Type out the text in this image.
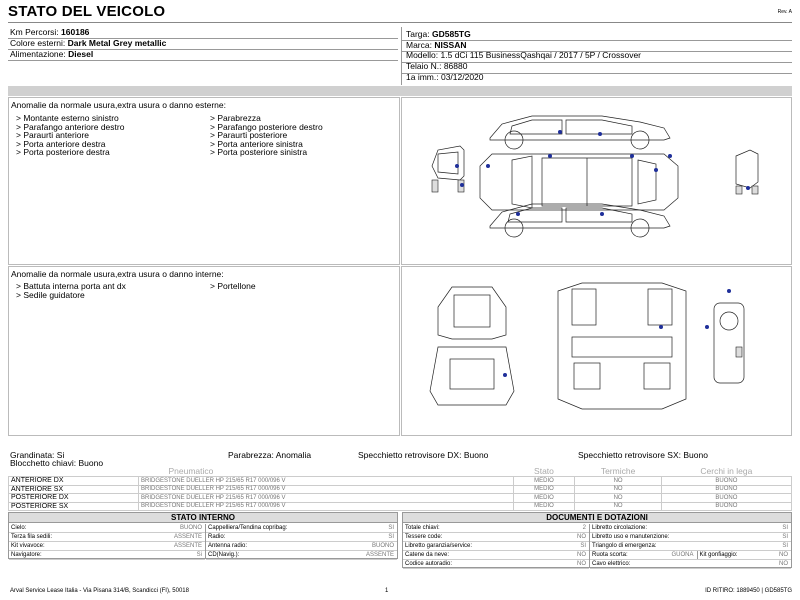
STATO DEL VEICOLO	Rev. A
Km Percorsi: 160186
Colore esterni: Dark Metal Grey metallic
Alimentazione: Diesel
Targa: GD585TG
Marca: NISSAN
Modello: 1.5 dCi 115 BusinessQashqai / 2017 / 5P / Crossover
Telaio N.: 86880
1a imm.: 03/12/2020
Anomalie da normale usura,extra usura o danno esterne:
> Montante esterno sinistro
> Parafango anteriore destro
> Paraurti anteriore
> Porta anteriore destra
> Porta posteriore destra
> Parabrezza
> Parafango posteriore destro
> Paraurti posteriore
> Porta anteriore sinistra
> Porta posteriore sinistra
Anomalie da normale usura,extra usura o danno interne:
> Battuta interna porta ant dx
> Sedile guidatore
> Portellone
Grandinata: Si	Parabrezza: Anomalia	Specchietto retrovisore DX: Buono	Specchietto retrovisore SX: Buono
Blocchetto chiavi: Buono
	Pneumatico	Stato	Termiche	Cerchi in lega
ANTERIORE DX	BRIDGESTONE DUELLER HP 215/65 R17 000/096 V	MEDIO	NO	BUONO
ANTERIORE SX	BRIDGESTONE DUELLER HP 215/65 R17 000/096 V	MEDIO	NO	BUONO
POSTERIORE DX	BRIDGESTONE DUELLER HP 215/65 R17 000/096 V	MEDIO	NO	BUONO
POSTERIORE SX	BRIDGESTONE DUELLER HP 215/65 R17 000/096 V	MEDIO	NO	BUONO
STATO INTERNO
Cielo:	BUONO
Terza fila sedili:	ASSENTE
Kit vivavoce:	ASSENTE
Navigatore:	Si
Cappelliera/Tendina copribag:	SI
Radio:	SI
Antenna radio:	BUONO
CD(Navig.):	ASSENTE
DOCUMENTI E DOTAZIONI
Totale chiavi:	2
Tessere code:	NO
Libretto garanzia/service:	SI
Catene da neve:	NO
Codice autoradio:	NO
Libretto circolazione:	SI
Libretto uso e manutenzione:	SI
Triangolo di emergenza:	SI
Ruota scorta:	GUONA	Kit gonfiaggio:	NO
Cavo elettrico:	NO
Arval Service Lease Italia - Via Pisana 314/B, Scandicci (FI), 50018	1	ID RITIRO: 1889450 | GD585TG
